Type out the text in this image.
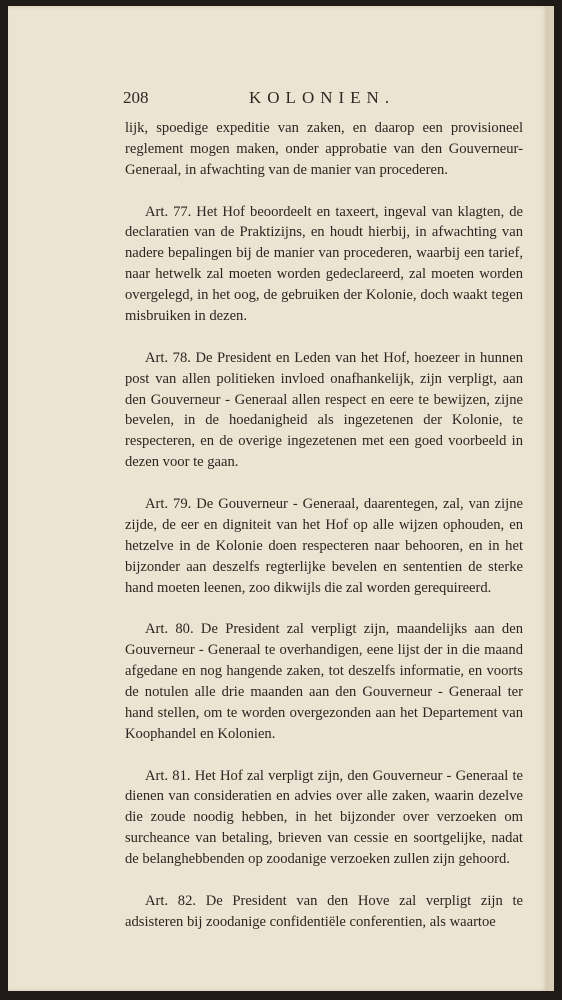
208	KOLONIEN.

lijk, spoedige expeditie van zaken, en daarop een provisioneel reglement mogen maken, onder approbatie van den Gouverneur-Generaal, in afwachting van de manier van procederen.

Art. 77. Het Hof beoordeelt en taxeert, ingeval van klagten, de declaratien van de Praktizijns, en houdt hierbij, in afwachting van nadere bepalingen bij de manier van procederen, waarbij een tarief, naar hetwelk zal moeten worden gedeclareerd, zal moeten worden overgelegd, in het oog, de gebruiken der Kolonie, doch waakt tegen misbruiken in dezen.

Art. 78. De President en Leden van het Hof, hoezeer in hunnen post van allen politieken invloed onafhankelijk, zijn verpligt, aan den Gouverneur - Generaal allen respect en eere te bewijzen, zijne bevelen, in de hoedanigheid als ingezetenen der Kolonie, te respecteren, en de overige ingezetenen met een goed voorbeeld in dezen voor te gaan.

Art. 79. De Gouverneur - Generaal, daarentegen, zal, van zijne zijde, de eer en digniteit van het Hof op alle wijzen ophouden, en hetzelve in de Kolonie doen respecteren naar behooren, en in het bijzonder aan deszelfs regterlijke bevelen en sententien de sterke hand moeten leenen, zoo dikwijls die zal worden gerequireerd.

Art. 80. De President zal verpligt zijn, maandelijks aan den Gouverneur - Generaal te overhandigen, eene lijst der in die maand afgedane en nog hangende zaken, tot deszelfs informatie, en voorts de notulen alle drie maanden aan den Gouverneur - Generaal ter hand stellen, om te worden overgezonden aan het Departement van Koophandel en Kolonien.

Art. 81. Het Hof zal verpligt zijn, den Gouverneur - Generaal te dienen van consideratien en advies over alle zaken, waarin dezelve die zoude noodig hebben, in het bijzonder over verzoeken om surcheance van betaling, brieven van cessie en soortgelijke, nadat de belanghebbenden op zoodanige verzoeken zullen zijn gehoord.

Art. 82. De President van den Hove zal verpligt zijn te adsisteren bij zoodanige confidentiële conferentien, als waartoe
